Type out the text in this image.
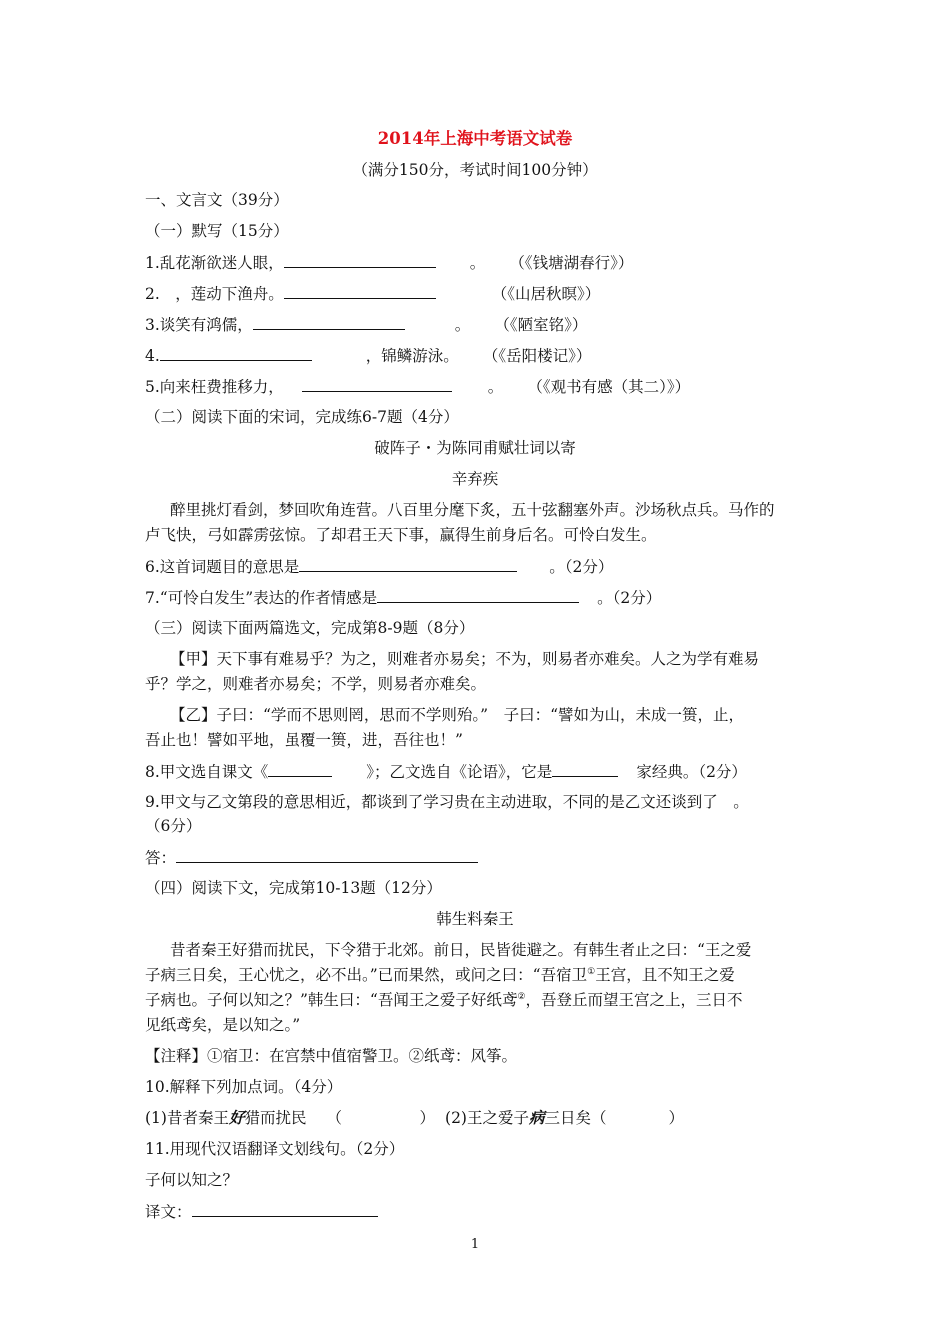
2014年上海中考语文试卷
（满分150分，考试时间100分钟）
一、文言文（39分）
（一）默写（15分）
1.乱花渐欲迷人眼，	。 （《钱塘湖春行》）
2.　，莲动下渔舟。	（《山居秋暝》）
3.谈笑有鸿儒，	。 （《陋室铭》）
4.	，锦鳞游泳。 （《岳阳楼记》）
5.向来枉费推移力，	。 （《观书有感（其二）》）
（二）阅读下面的宋词，完成练6-7题（4分）
破阵子・为陈同甫赋壮词以寄
辛弃疾
醉里挑灯看剑，梦回吹角连营。八百里分麾下炙，五十弦翻塞外声。沙场秋点兵。马作的
卢飞快，弓如霹雳弦惊。了却君王天下事，赢得生前身后名。可怜白发生。
6.这首词题目的意思是	。（2分）
7.“可怜白发生”表达的作者情感是	。（2分）
（三）阅读下面两篇选文，完成第8-9题（8分）
【甲】天下事有难易乎？为之，则难者亦易矣；不为，则易者亦难矣。人之为学有难易
乎？学之，则难者亦易矣；不学，则易者亦难矣。
【乙】子曰：“学而不思则罔，思而不学则殆。”　子曰：“譬如为山，未成一篑，止，
吾止也！譬如平地，虽覆一篑，进，吾往也！”
8.甲文选自课文《	》；乙文选自《论语》，它是	家经典。（2分）
9.甲文与乙文第段的意思相近，都谈到了学习贵在主动进取，不同的是乙文还谈到了　。
（6分）
答：
（四）阅读下文，完成第10-13题（12分）
韩生料秦王
昔者秦王好猎而扰民，下令猎于北郊。前日，民皆徙避之。有韩生者止之曰：“王之爱
子病三日矣，王心忧之，必不出。”已而果然，或问之曰：“吾宿卫①王宫，且不知王之爱
子病也。子何以知之？”韩生曰：“吾闻王之爱子好纸鸢②，吾登丘而望王宫之上，三日不
见纸鸢矣，是以知之。”
【注释】①宿卫：在宫禁中值宿警卫。②纸鸢：风筝。
10.解释下列加点词。（4分）
(1)昔者秦王好猎而扰民 （　　　　　） (2)王之爱子病三日矣（　　　　）
11.用现代汉语翻译文划线句。（2分）
子何以知之？
译文：
1
